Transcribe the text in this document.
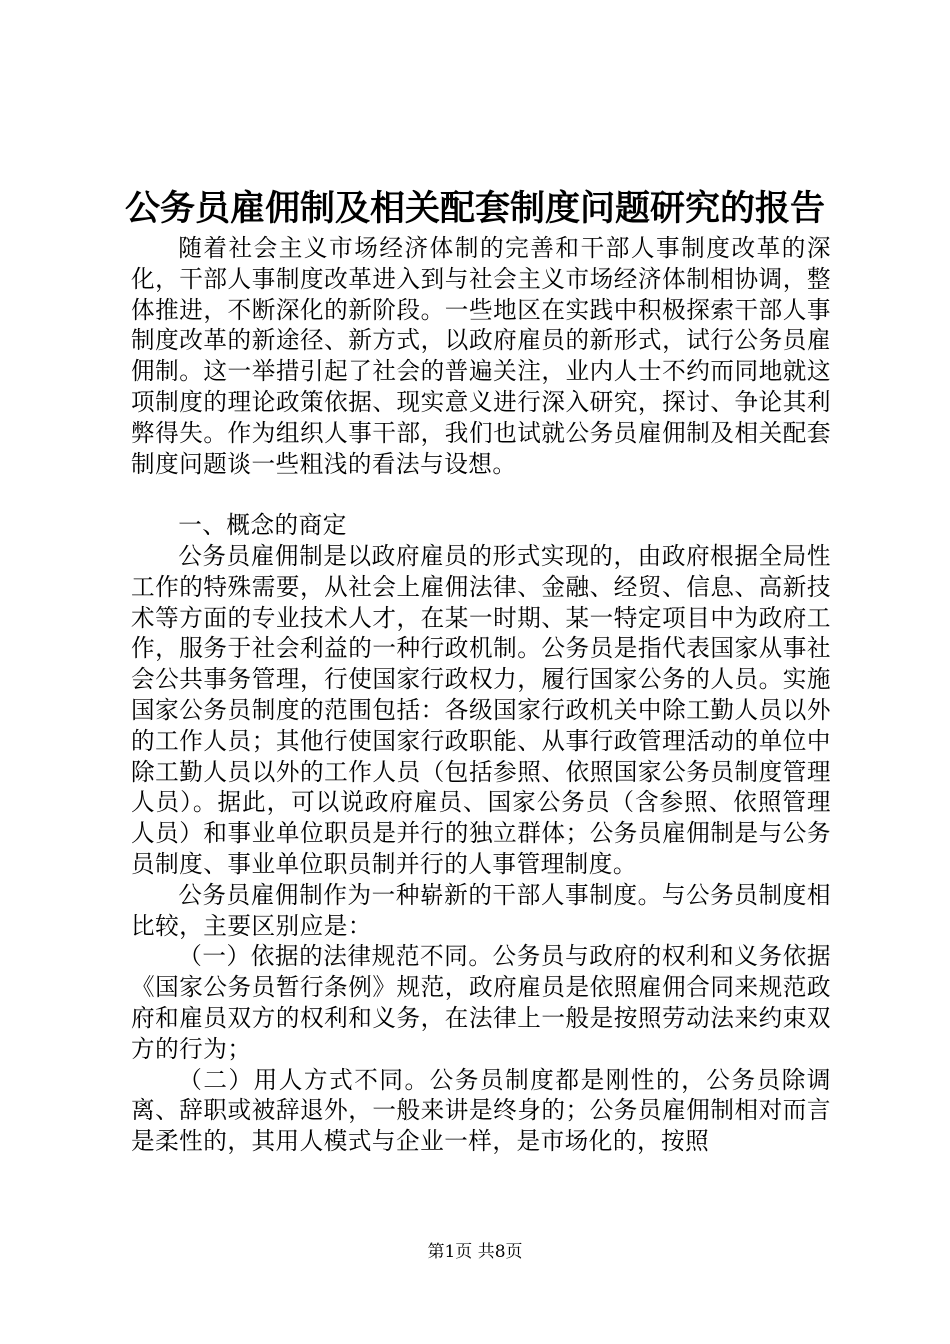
公务员雇佣制及相关配套制度问题研究的报告

随着社会主义市场经济体制的完善和干部人事制度改革的深化，干部人事制度改革进入到与社会主义市场经济体制相协调，整体推进，不断深化的新阶段。一些地区在实践中积极探索干部人事制度改革的新途径、新方式，以政府雇员的新形式，试行公务员雇佣制。这一举措引起了社会的普遍关注，业内人士不约而同地就这项制度的理论政策依据、现实意义进行深入研究，探讨、争论其利弊得失。作为组织人事干部，我们也试就公务员雇佣制及相关配套制度问题谈一些粗浅的看法与设想。

一、概念的商定

公务员雇佣制是以政府雇员的形式实现的，由政府根据全局性工作的特殊需要，从社会上雇佣法律、金融、经贸、信息、高新技术等方面的专业技术人才，在某一时期、某一特定项目中为政府工作，服务于社会利益的一种行政机制。公务员是指代表国家从事社会公共事务管理，行使国家行政权力，履行国家公务的人员。实施国家公务员制度的范围包括：各级国家行政机关中除工勤人员以外的工作人员；其他行使国家行政职能、从事行政管理活动的单位中除工勤人员以外的工作人员（包括参照、依照国家公务员制度管理人员）。据此，可以说政府雇员、国家公务员（含参照、依照管理人员）和事业单位职员是并行的独立群体；公务员雇佣制是与公务员制度、事业单位职员制并行的人事管理制度。

公务员雇佣制作为一种崭新的干部人事制度。与公务员制度相比较，主要区别应是：

（一）依据的法律规范不同。公务员与政府的权利和义务依据《国家公务员暂行条例》规范，政府雇员是依照雇佣合同来规范政府和雇员双方的权利和义务，在法律上一般是按照劳动法来约束双方的行为；

（二）用人方式不同。公务员制度都是刚性的，公务员除调离、辞职或被辞退外，一般来讲是终身的；公务员雇佣制相对而言是柔性的，其用人模式与企业一样，是市场化的，按照

第1页 共8页
